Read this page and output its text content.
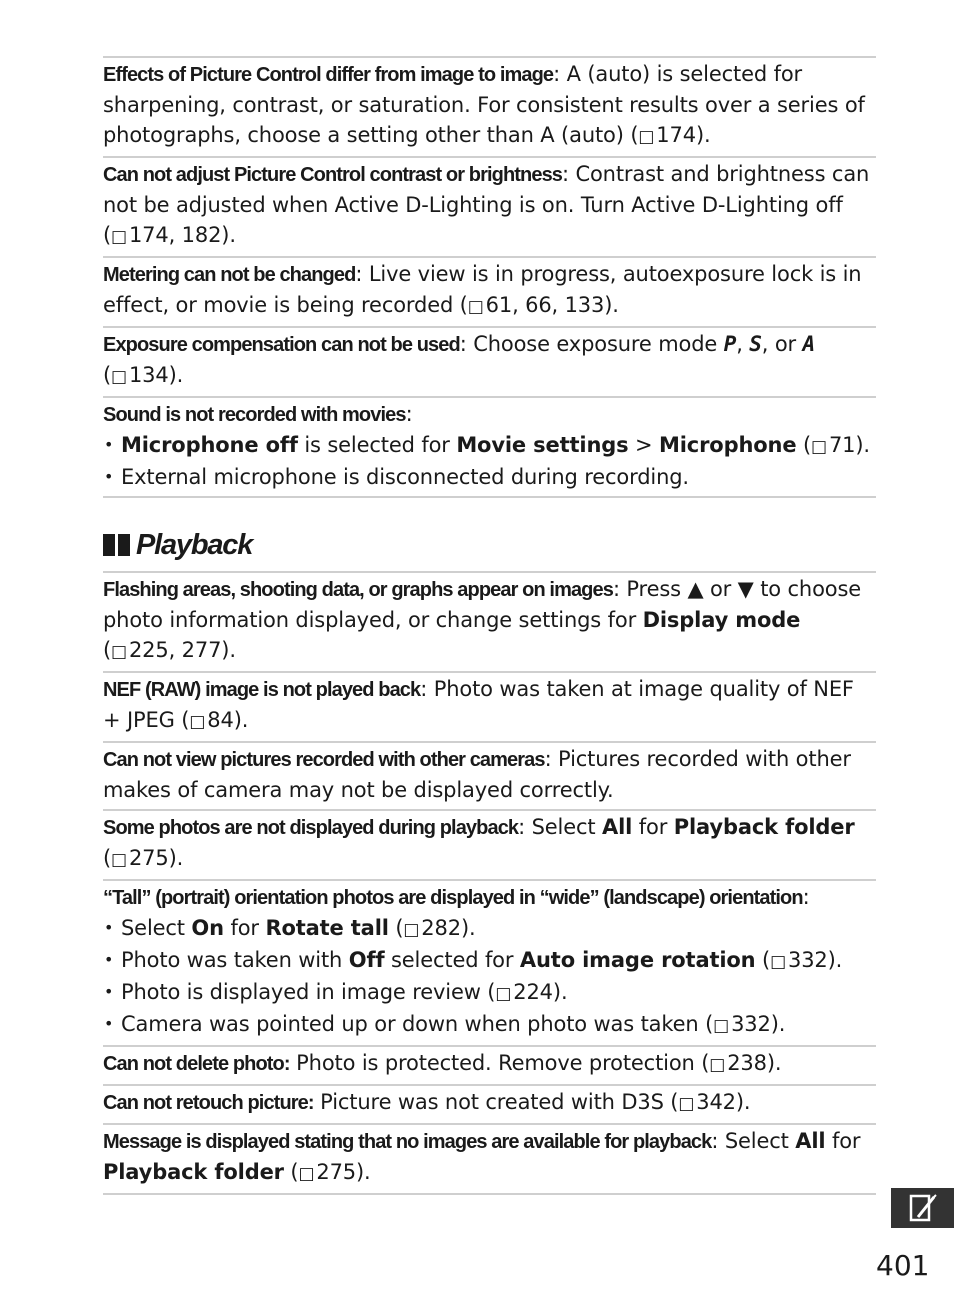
Effects of Picture Control differ from image to image: A (auto) is selected for sharpening, contrast, or saturation. For consistent results over a series of photographs, choose a setting other than A (auto) ( □ 174).
Can not adjust Picture Control contrast or brightness: Contrast and brightness can not be adjusted when Active D-Lighting is on. Turn Active D-Lighting off ( □ 174, 182).
Metering can not be changed: Live view is in progress, autoexposure lock is in effect, or movie is being recorded ( □ 61, 66, 133).
Exposure compensation can not be used: Choose exposure mode P, S, or A
( □ 134).
Sound is not recorded with movies:
• Microphone off is selected for Movie settings > Microphone ( □ 71).
• External microphone is disconnected during recording.
Playback
Flashing areas, shooting data, or graphs appear on images: Press ▲ or ▼ to choose photo information displayed, or change settings for Display mode
( □ 225, 277).
NEF (RAW) image is not played back: Photo was taken at image quality of NEF + JPEG ( □ 84).
Can not view pictures recorded with other cameras: Pictures recorded with other makes of camera may not be displayed correctly.
Some photos are not displayed during playback: Select All for Playback folder
( □ 275).
“Tall” (portrait) orientation photos are displayed in “wide” (landscape) orientation:
• Select On for Rotate tall ( □ 282).
• Photo was taken with Off selected for Auto image rotation ( □ 332).
• Photo is displayed in image review ( □ 224).
• Camera was pointed up or down when photo was taken ( □ 332).
Can not delete photo: Photo is protected. Remove protection ( □ 238).
Can not retouch picture: Picture was not created with D3S ( □ 342).
Message is displayed stating that no images are available for playback: Select All for
Playback folder ( □ 275).
401
